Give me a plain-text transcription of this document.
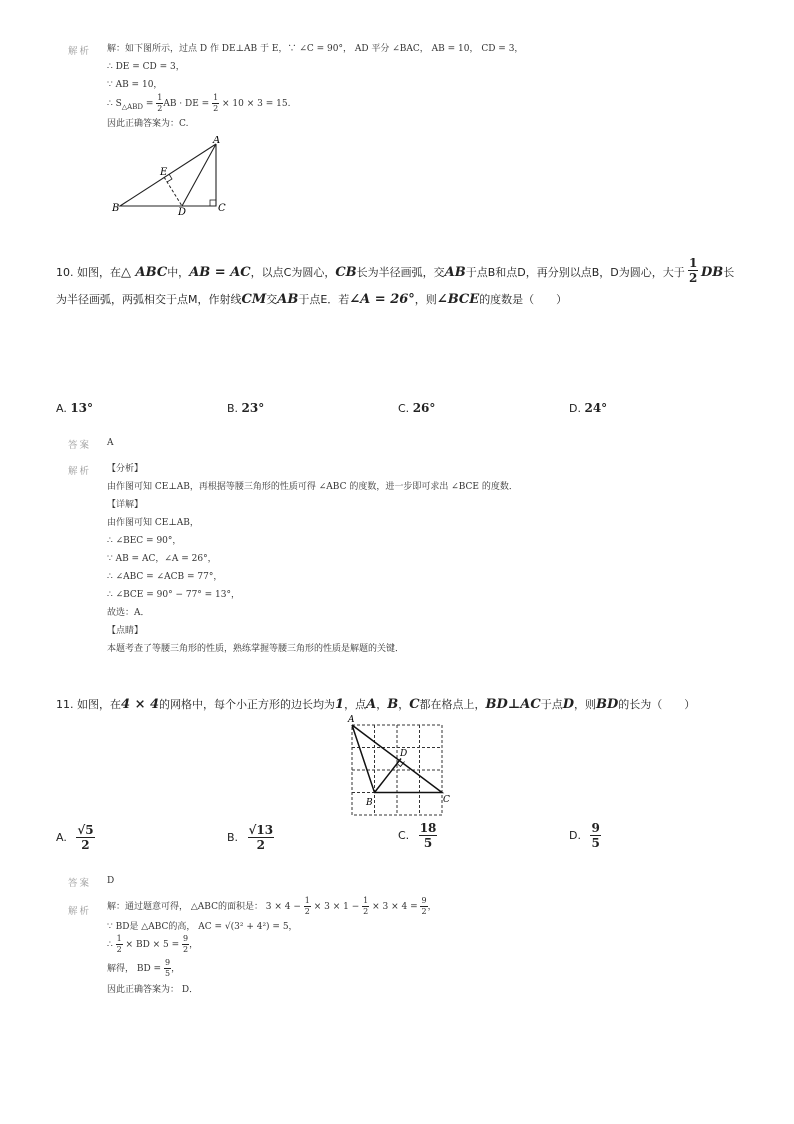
解析 解：如下图所示，过点 D 作 DE⊥AB 于 E，∵ ∠C = 90°， AD 平分 ∠BAC， AB = 10， CD = 3，
∴ DE = CD = 3，
∵ AB = 10，
∴ $S_{\triangle ABD} = \frac{1}{2}$ AB · DE = $\frac{1}{2} \times 10 \times 3 = 15$.
因此正确答案为：C.
A
E
B	D	C
10. 如图，在△ ABC中，AB = AC，以点C为圆心，CB长为半径画弧，交AB于点B和点D，再分别以点B，D为圆心，大于 $\frac{1}{2}$ DB长
为半径画弧，两弧相交于点M，作射线CM交AB于点E．若∠A = 26°，则∠BCE的度数是（　　）
A. 13°	B. 23°	C. 26°	D. 24°
答案 A
解析 【分析】
由作图可知 CE⊥AB，再根据等腰三角形的性质可得 ∠ABC 的度数，进一步即可求出 ∠BCE 的度数．
【详解】
由作图可知 CE⊥AB，
∴ ∠BEC = 90°，
∵ AB = AC，∠A = 26°，
∴ ∠ABC = ∠ACB = 77°，
∴ ∠BCE = 90° − 77° = 13°，
故选：A．
【点睛】
本题考查了等腰三角形的性质，熟练掌握等腰三角形的性质是解题的关键．
11. 如图，在4 × 4的网格中，每个小正方形的边长均为1，点A，B，C都在格点上，BD⊥AC于点D，则BD的长为（　　）
A
D
B	C
A. $\frac{√5}{2}$	B. $\frac{√13}{2}$	C. $\frac{18}{5}$	D. $\frac{9}{5}$
答案 D
解析 解：通过题意可得， △ABC的面积是： $3 \times 4 - \frac{1}{2} \times 3 \times 1 - \frac{1}{2} \times 3 \times 4 = \frac{9}{2}$ ，
∵ BD是 △ABC的高， AC = √(3² + 4²) = 5，
∴ $\frac{1}{2}$ × BD × $5 = \frac{9}{2}$ ，
解得， BD = $\frac{9}{5}$ ，
因此正确答案为： D．
